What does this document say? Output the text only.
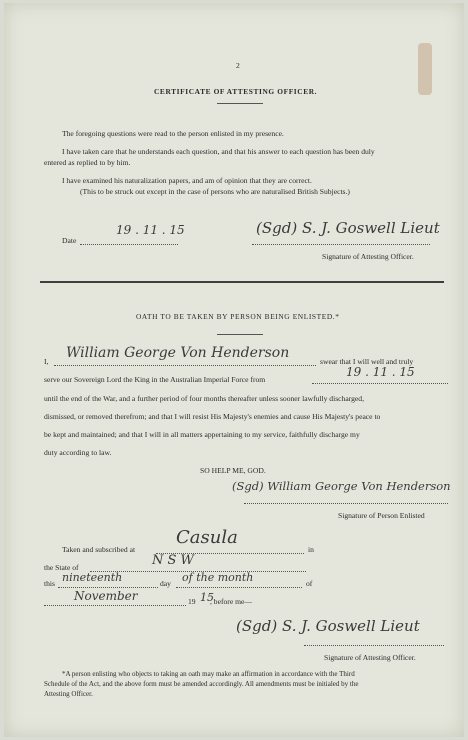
2
CERTIFICATE OF ATTESTING OFFICER.
The foregoing questions were read to the person enlisted in my presence.
I have taken care that he understands each question, and that his answer to each question has been duly
entered as replied to by him.
I have examined his naturalization papers, and am of opinion that they are correct.
(This to be struck out except in the case of persons who are naturalised British Subjects.)
Date
19 . 11 . 15	(Sgd) S. J. Goswell Lieut
Signature of Attesting Officer.
OATH TO BE TAKEN BY PERSON BEING ENLISTED.*
I,
William George Von Henderson
swear that I will well and truly
serve our Sovereign Lord the King in the Australian Imperial Force from
19 . 11 . 15
until the end of the War, and a further period of four months thereafter unless sooner lawfully discharged,
dismissed, or removed therefrom; and that I will resist His Majesty's enemies and cause His Majesty's peace to
be kept and maintained; and that I will in all matters appertaining to my service, faithfully discharge my
duty according to law.
SO HELP ME, GOD.
(Sgd) William George Von Henderson
Signature of Person Enlisted
Taken and subscribed at
Casula
in
the State of	N S W
this nineteenth	day of the month	of
November	19 15
, before me—
(Sgd) S. J. Goswell Lieut
Signature of Attesting Officer.
*A person enlisting who objects to taking an oath may make an affirmation in accordance with the Third
Schedule of the Act, and the above form must be amended accordingly. All amendments must be initialed by the
Attesting Officer.
